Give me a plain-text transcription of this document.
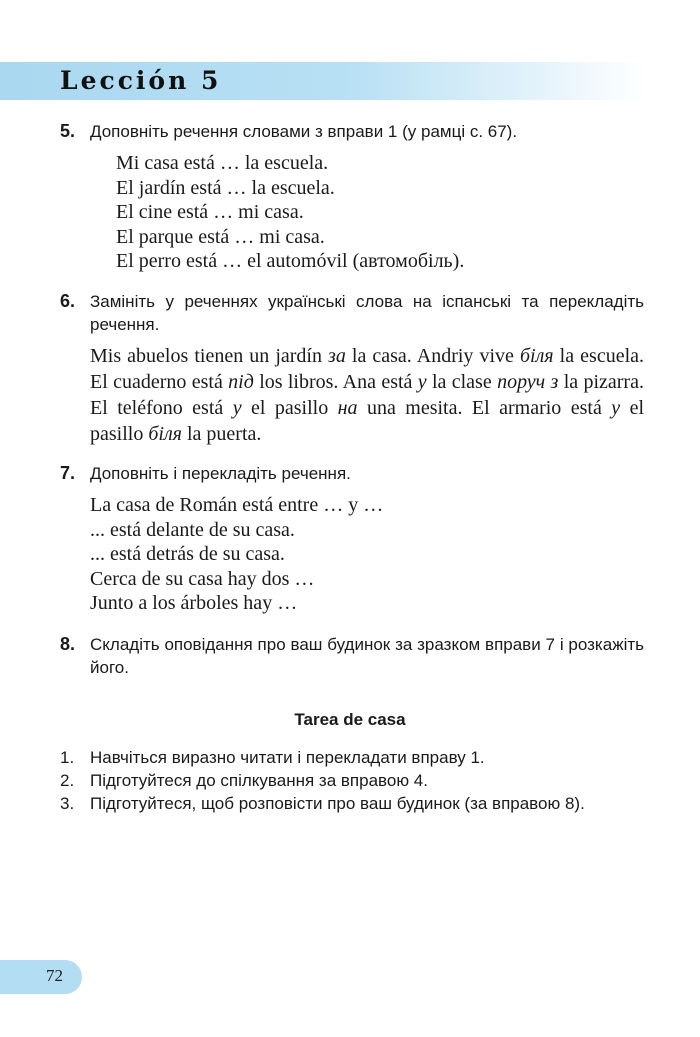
Lección 5
5. Доповніть речення словами з вправи 1 (у рамці с. 67).
Mi casa está … la escuela.
El jardín está … la escuela.
El cine está … mi casa.
El parque está … mi casa.
El perro está … el automóvil (автомобіль).
6. Замініть у реченнях українські слова на іспанські та перекладіть речення.
Mis abuelos tienen un jardín за la casa. Andriy vive біля la escuela. El cuaderno está під los libros. Ana está у la clase поруч з la pizarra. El teléfono está у el pasillo на una mesita. El armario está у el pasillo біля la puerta.
7. Доповніть і перекладіть речення.
La casa de Román está entre … y …
... está delante de su casa.
... está detrás de su casa.
Cerca de su casa hay dos …
Junto a los árboles hay …
8. Складіть оповідання про ваш будинок за зразком вправи 7 і розкажіть його.
Tarea de casa
1. Навчіться виразно читати і перекладати вправу 1.
2. Підготуйтеся до спілкування за вправою 4.
3. Підготуйтеся, щоб розповісти про ваш будинок (за вправою 8).
72
